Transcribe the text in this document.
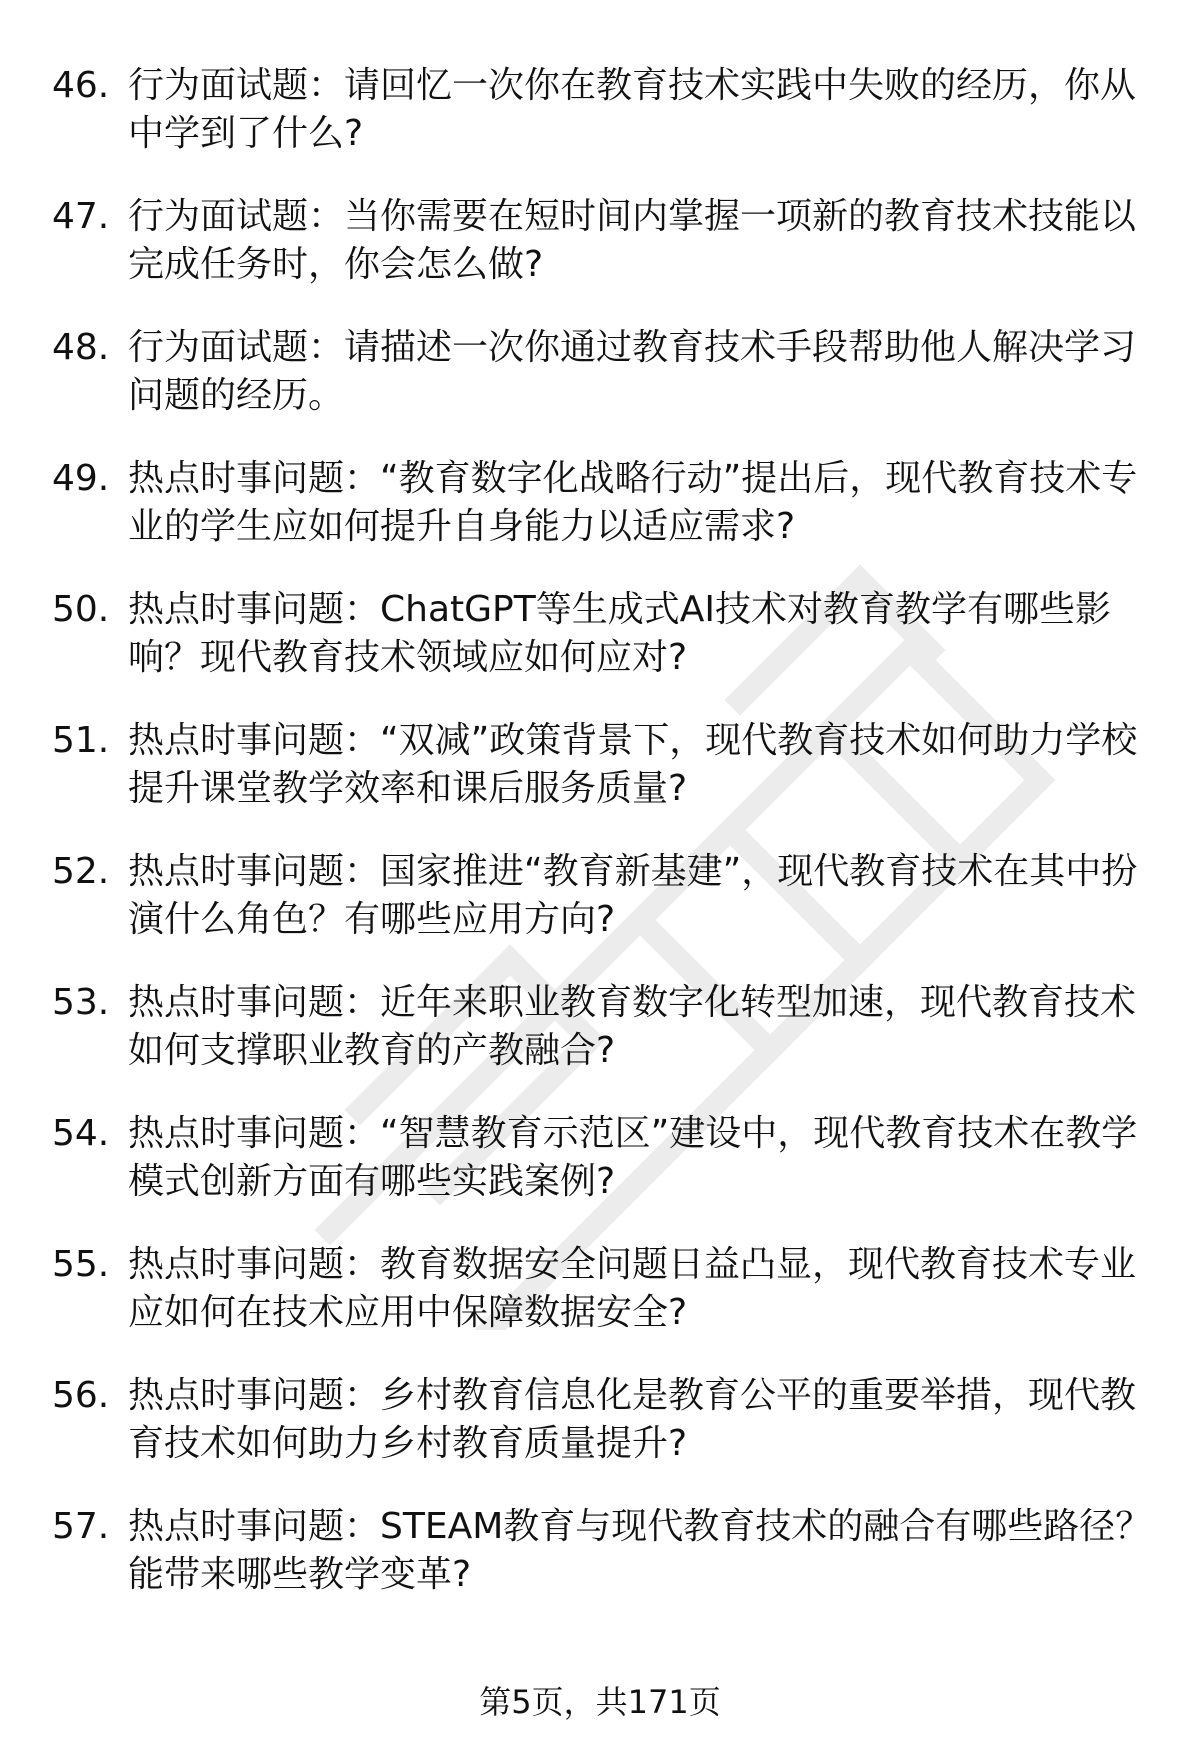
46. 行为面试题：请回忆一次你在教育技术实践中失败的经历，你从中学到了什么?
47. 行为面试题：当你需要在短时间内掌握一项新的教育技术技能以完成任务时，你会怎么做?
48. 行为面试题：请描述一次你通过教育技术手段帮助他人解决学习问题的经历。
49. 热点时事问题：“教育数字化战略行动”提出后，现代教育技术专业的学生应如何提升自身能力以适应需求?
50. 热点时事问题：ChatGPT等生成式AI技术对教育教学有哪些影响？现代教育技术领域应如何应对?
51. 热点时事问题：“双减”政策背景下，现代教育技术如何助力学校提升课堂教学效率和课后服务质量?
52. 热点时事问题：国家推进“教育新基建”，现代教育技术在其中扮演什么角色？有哪些应用方向?
53. 热点时事问题：近年来职业教育数字化转型加速，现代教育技术如何支撑职业教育的产教融合?
54. 热点时事问题：“智慧教育示范区”建设中，现代教育技术在教学模式创新方面有哪些实践案例?
55. 热点时事问题：教育数据安全问题日益凸显，现代教育技术专业应如何在技术应用中保障数据安全?
56. 热点时事问题：乡村教育信息化是教育公平的重要举措，现代教育技术如何助力乡村教育质量提升?
57. 热点时事问题：STEAM教育与现代教育技术的融合有哪些路径？能带来哪些教学变革?
第5页，共171页
